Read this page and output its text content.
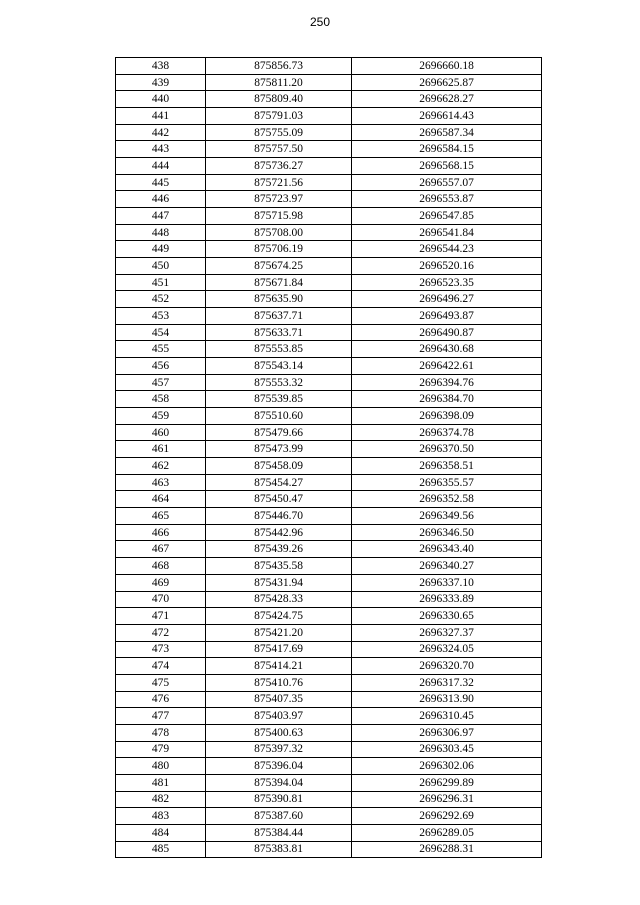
250
438	875856.73	2696660.18
439	875811.20	2696625.87
440	875809.40	2696628.27
441	875791.03	2696614.43
442	875755.09	2696587.34
443	875757.50	2696584.15
444	875736.27	2696568.15
445	875721.56	2696557.07
446	875723.97	2696553.87
447	875715.98	2696547.85
448	875708.00	2696541.84
449	875706.19	2696544.23
450	875674.25	2696520.16
451	875671.84	2696523.35
452	875635.90	2696496.27
453	875637.71	2696493.87
454	875633.71	2696490.87
455	875553.85	2696430.68
456	875543.14	2696422.61
457	875553.32	2696394.76
458	875539.85	2696384.70
459	875510.60	2696398.09
460	875479.66	2696374.78
461	875473.99	2696370.50
462	875458.09	2696358.51
463	875454.27	2696355.57
464	875450.47	2696352.58
465	875446.70	2696349.56
466	875442.96	2696346.50
467	875439.26	2696343.40
468	875435.58	2696340.27
469	875431.94	2696337.10
470	875428.33	2696333.89
471	875424.75	2696330.65
472	875421.20	2696327.37
473	875417.69	2696324.05
474	875414.21	2696320.70
475	875410.76	2696317.32
476	875407.35	2696313.90
477	875403.97	2696310.45
478	875400.63	2696306.97
479	875397.32	2696303.45
480	875396.04	2696302.06
481	875394.04	2696299.89
482	875390.81	2696296.31
483	875387.60	2696292.69
484	875384.44	2696289.05
485	875383.81	2696288.31
